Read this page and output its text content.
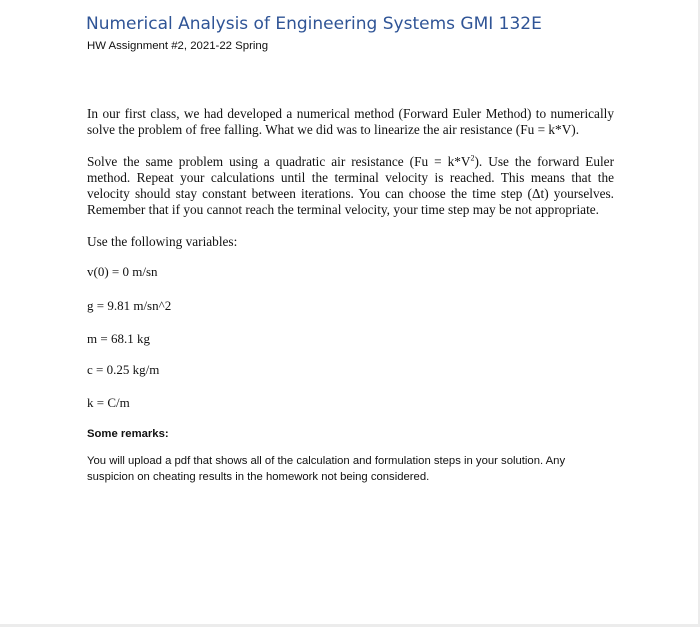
Numerical Analysis of Engineering Systems GMI 132E
HW Assignment #2, 2021-22 Spring
In our first class, we had developed a numerical method (Forward Euler Method) to numerically
solve the problem of free falling. What we did was to linearize the air resistance (Fu = k*V).
Solve the same problem using a quadratic air resistance $(Fu = k*V^2)$. Use the forward Euler
method. Repeat your calculations until the terminal velocity is reached. This means that the
velocity should stay constant between iterations. You can choose the time step (Δt) yourselves.
Remember that if you cannot reach the terminal velocity, your time step may be not appropriate.
Use the following variables:
v(0) = 0 m/sn
g = 9.81 m/sn^2
m = 68.1 kg
c = 0.25 kg/m
k = C/m
Some remarks:
You will upload a pdf that shows all of the calculation and formulation steps in your solution. Any
suspicion on cheating results in the homework not being considered.
